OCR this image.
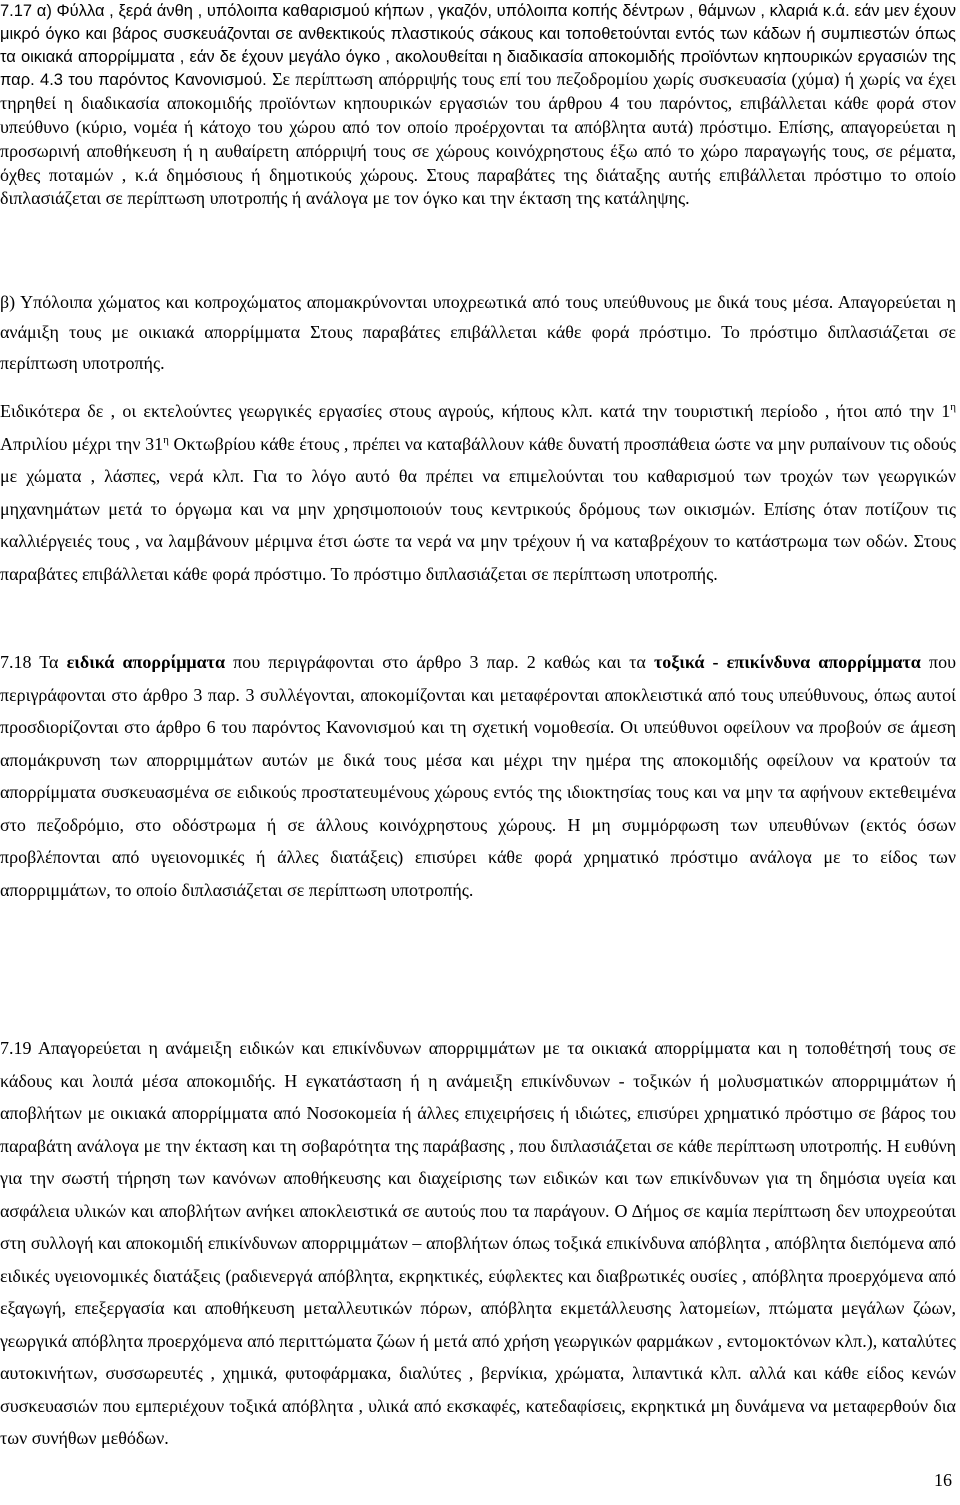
7.17 α) Φύλλα , ξερά άνθη , υπόλοιπα καθαρισμού κήπων , γκαζόν, υπόλοιπα κοπής δέντρων , θάμνων , κλαριά κ.ά. εάν μεν έχουν μικρό όγκο και βάρος συσκευάζονται σε ανθεκτικούς πλαστικούς σάκους και τοποθετούνται εντός των κάδων ή συμπιεστών όπως τα οικιακά απορρίμματα , εάν δε έχουν μεγάλο όγκο , ακολουθείται η διαδικασία αποκομιδής προϊόντων κηπουρικών εργασιών της παρ. 4.3 του παρόντος Κανονισμού. Σε περίπτωση απόρριψής τους επί του πεζοδρομίου χωρίς συσκευασία (χύμα) ή χωρίς να έχει τηρηθεί η διαδικασία αποκομιδής προϊόντων κηπουρικών εργασιών του άρθρου 4 του παρόντος, επιβάλλεται κάθε φορά στον υπεύθυνο (κύριο, νομέα ή κάτοχο του χώρου από τον οποίο προέρχονται τα απόβλητα αυτά) πρόστιμο. Επίσης, απαγορεύεται η προσωρινή αποθήκευση ή η αυθαίρετη απόρριψή τους σε χώρους κοινόχρηστους έξω από το χώρο παραγωγής τους, σε ρέματα, όχθες ποταμών , κ.ά δημόσιους ή δημοτικούς χώρους. Στους παραβάτες της διάταξης αυτής επιβάλλεται πρόστιμο το οποίο διπλασιάζεται σε περίπτωση υποτροπής ή ανάλογα με τον όγκο και την έκταση της κατάληψης.

β) Υπόλοιπα χώματος και κοπροχώματος απομακρύνονται υποχρεωτικά από τους υπεύθυνους με δικά τους μέσα. Απαγορεύεται η ανάμιξη τους με οικιακά απορρίμματα Στους παραβάτες επιβάλλεται κάθε φορά πρόστιμο. Το πρόστιμο διπλασιάζεται σε περίπτωση υποτροπής.

Ειδικότερα δε , οι εκτελούντες γεωργικές εργασίες στους αγρούς, κήπους κλπ. κατά την τουριστική περίοδο , ήτοι από την $1^\eta$ Απριλίου μέχρι την $31^\eta$ Οκτωβρίου κάθε έτους , πρέπει να καταβάλλουν κάθε δυνατή προσπάθεια ώστε να μην ρυπαίνουν τις οδούς με χώματα , λάσπες, νερά κλπ. Για το λόγο αυτό θα πρέπει να επιμελούνται του καθαρισμού των τροχών των γεωργικών μηχανημάτων μετά το όργωμα και να μην χρησιμοποιούν τους κεντρικούς δρόμους των οικισμών. Επίσης όταν ποτίζουν τις καλλιέργειές τους , να λαμβάνουν μέριμνα έτσι ώστε τα νερά να μην τρέχουν ή να καταβρέχουν το κατάστρωμα των οδών. Στους παραβάτες επιβάλλεται κάθε φορά πρόστιμο. Το πρόστιμο διπλασιάζεται σε περίπτωση υποτροπής.

7.18 Τα ειδικά απορρίμματα που περιγράφονται στο άρθρο 3 παρ. 2 καθώς και τα τοξικά - επικίνδυνα απορρίμματα που περιγράφονται στο άρθρο 3 παρ. 3 συλλέγονται, αποκομίζονται και μεταφέρονται αποκλειστικά από τους υπεύθυνους, όπως αυτοί προσδιορίζονται στο άρθρο 6 του παρόντος Κανονισμού και τη σχετική νομοθεσία. Οι υπεύθυνοι οφείλουν να προβούν σε άμεση απομάκρυνση των απορριμμάτων αυτών με δικά τους μέσα και μέχρι την ημέρα της αποκομιδής οφείλουν να κρατούν τα απορρίμματα συσκευασμένα σε ειδικούς προστατευμένους χώρους εντός της ιδιοκτησίας τους και να μην τα αφήνουν εκτεθειμένα στο πεζοδρόμιο, στο οδόστρωμα ή σε άλλους κοινόχρηστους χώρους. Η μη συμμόρφωση των υπευθύνων (εκτός όσων προβλέπονται από υγειονομικές ή άλλες διατάξεις) επισύρει κάθε φορά χρηματικό πρόστιμο ανάλογα με το είδος των απορριμμάτων, το οποίο διπλασιάζεται σε περίπτωση υποτροπής.

7.19 Απαγορεύεται η ανάμειξη ειδικών και επικίνδυνων απορριμμάτων με τα οικιακά απορρίμματα και η τοποθέτησή τους σε κάδους και λοιπά μέσα αποκομιδής. Η εγκατάσταση ή η ανάμειξη επικίνδυνων - τοξικών ή μολυσματικών απορριμμάτων ή αποβλήτων με οικιακά απορρίμματα από Νοσοκομεία ή άλλες επιχειρήσεις ή ιδιώτες, επισύρει χρηματικό πρόστιμο σε βάρος του παραβάτη ανάλογα με την έκταση και τη σοβαρότητα της παράβασης , που διπλασιάζεται σε κάθε περίπτωση υποτροπής. Η ευθύνη για την σωστή τήρηση των κανόνων αποθήκευσης και διαχείρισης των ειδικών και των επικίνδυνων για τη δημόσια υγεία και ασφάλεια υλικών και αποβλήτων ανήκει αποκλειστικά σε αυτούς που τα παράγουν. Ο Δήμος σε καμία περίπτωση δεν υποχρεούται στη συλλογή και αποκομιδή επικίνδυνων απορριμμάτων – αποβλήτων όπως τοξικά επικίνδυνα απόβλητα , απόβλητα διεπόμενα από ειδικές υγειονομικές διατάξεις (ραδιενεργά απόβλητα, εκρηκτικές, εύφλεκτες και διαβρωτικές ουσίες , απόβλητα προερχόμενα από εξαγωγή, επεξεργασία και αποθήκευση μεταλλευτικών πόρων, απόβλητα εκμετάλλευσης λατομείων, πτώματα μεγάλων ζώων, γεωργικά απόβλητα προερχόμενα από περιττώματα ζώων ή μετά από χρήση γεωργικών φαρμάκων , εντομοκτόνων κλπ.), καταλύτες αυτοκινήτων, συσσωρευτές , χημικά, φυτοφάρμακα, διαλύτες , βερνίκια, χρώματα, λιπαντικά κλπ. αλλά και κάθε είδος κενών συσκευασιών που εμπεριέχουν τοξικά απόβλητα , υλικά από εκσκαφές, κατεδαφίσεις, εκρηκτικά μη δυνάμενα να μεταφερθούν δια των συνήθων μεθόδων.

16
